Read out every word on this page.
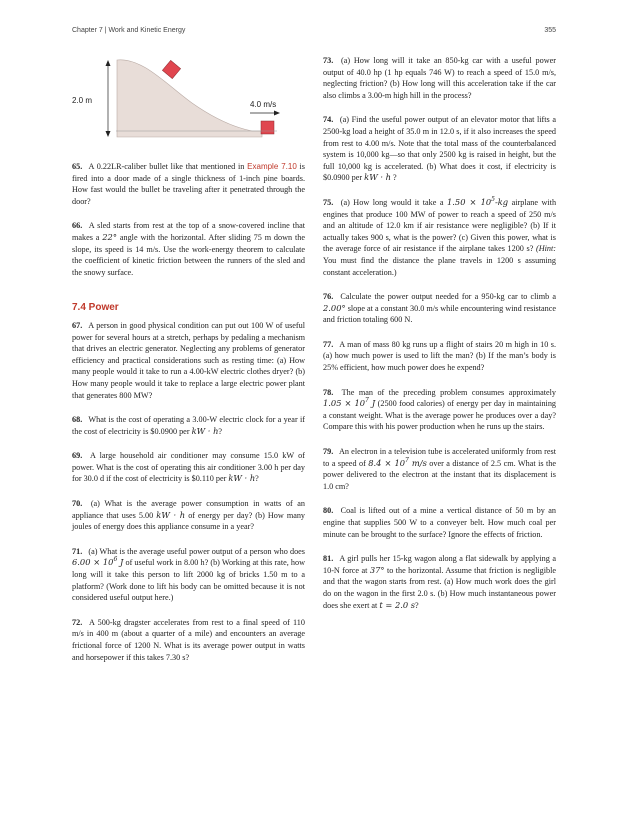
Chapter 7 | Work and Kinetic Energy	355
2.0 m	4.0 m/s

65. A 0.22LR-caliber bullet like that mentioned in Example 7.10 is fired into a door made of a single thickness of 1-inch pine boards. How fast would the bullet be traveling after it penetrated through the door?

66. A sled starts from rest at the top of a snow-covered incline that makes a 22° angle with the horizontal. After sliding 75 m down the slope, its speed is 14 m/s. Use the work-energy theorem to calculate the coefficient of kinetic friction between the runners of the sled and the snowy surface.

7.4 Power

67. A person in good physical condition can put out 100 W of useful power for several hours at a stretch, perhaps by pedaling a mechanism that drives an electric generator. Neglecting any problems of generator efficiency and practical considerations such as resting time: (a) How many people would it take to run a 4.00-kW electric clothes dryer? (b) How many people would it take to replace a large electric power plant that generates 800 MW?

68. What is the cost of operating a 3.00-W electric clock for a year if the cost of electricity is $0.0900 per kW · h?

69. A large household air conditioner may consume 15.0 kW of power. What is the cost of operating this air conditioner 3.00 h per day for 30.0 d if the cost of electricity is $0.110 per kW · h?

70. (a) What is the average power consumption in watts of an appliance that uses 5.00 kW · h of energy per day? (b) How many joules of energy does this appliance consume in a year?

71. (a) What is the average useful power output of a person who does $6.00 \times 10^6$ J of useful work in 8.00 h? (b) Working at this rate, how long will it take this person to lift 2000 kg of bricks 1.50 m to a platform? (Work done to lift his body can be omitted because it is not considered useful output here.)

72. A 500-kg dragster accelerates from rest to a final speed of 110 m/s in 400 m (about a quarter of a mile) and encounters an average frictional force of 1200 N. What is its average power output in watts and horsepower if this takes 7.30 s?

73. (a) How long will it take an 850-kg car with a useful power output of 40.0 hp (1 hp equals 746 W) to reach a speed of 15.0 m/s, neglecting friction? (b) How long will this acceleration take if the car also climbs a 3.00-m high hill in the process?

74. (a) Find the useful power output of an elevator motor that lifts a 2500-kg load a height of 35.0 m in 12.0 s, if it also increases the speed from rest to 4.00 m/s. Note that the total mass of the counterbalanced system is 10,000 kg—so that only 2500 kg is raised in height, but the full 10,000 kg is accelerated. (b) What does it cost, if electricity is $0.0900 per kW · h ?

75. (a) How long would it take a $1.50 \times 10^5-kg$ airplane with engines that produce 100 MW of power to reach a speed of 250 m/s and an altitude of 12.0 km if air resistance were negligible? (b) If it actually takes 900 s, what is the power? (c) Given this power, what is the average force of air resistance if the airplane takes 1200 s? (Hint: You must find the distance the plane travels in 1200 s assuming constant acceleration.)

76. Calculate the power output needed for a 950-kg car to climb a 2.00° slope at a constant 30.0 m/s while encountering wind resistance and friction totaling 600 N.

77. A man of mass 80 kg runs up a flight of stairs 20 m high in 10 s. (a) how much power is used to lift the man? (b) If the man’s body is 25% efficient, how much power does he expend?

78. The man of the preceding problem consumes approximately $1.05 \times 10^7$ J (2500 food calories) of energy per day in maintaining a constant weight. What is the average power he produces over a day? Compare this with his power production when he runs up the stairs.

79. An electron in a television tube is accelerated uniformly from rest to a speed of $8.4 \times 10^7$ m/s over a distance of 2.5 cm. What is the power delivered to the electron at the instant that its displacement is 1.0 cm?

80. Coal is lifted out of a mine a vertical distance of 50 m by an engine that supplies 500 W to a conveyer belt. How much coal per minute can be brought to the surface? Ignore the effects of friction.

81. A girl pulls her 15-kg wagon along a flat sidewalk by applying a 10-N force at 37° to the horizontal. Assume that friction is negligible and that the wagon starts from rest. (a) How much work does the girl do on the wagon in the first 2.0 s. (b) How much instantaneous power does she exert at t = 2.0 s?
